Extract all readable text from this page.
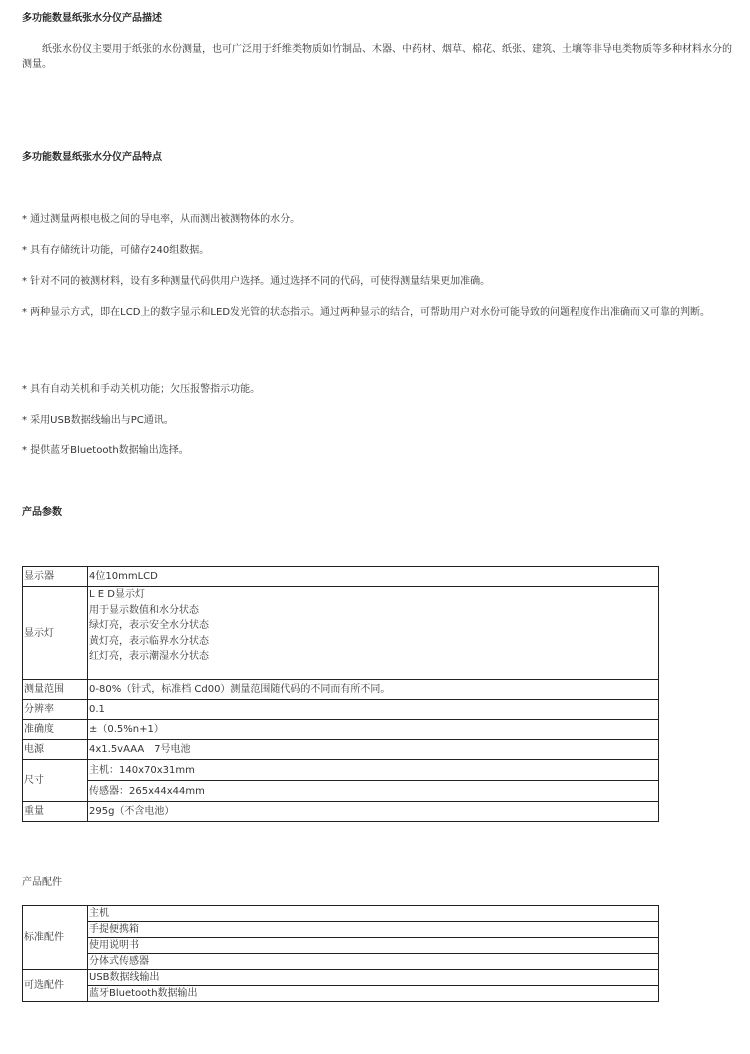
多功能数显纸张水分仪产品描述
纸张水份仪主要用于纸张的水份测量，也可广泛用于纤维类物质如竹制品、木器、中药材、烟草、棉花、纸张、建筑、土壤等非导电类物质等多种材料水分的测量。
多功能数显纸张水分仪产品特点
* 通过测量两根电极之间的导电率，从而测出被测物体的水分。
* 具有存储统计功能，可储存240组数据。
* 针对不同的被测材料，设有多种测量代码供用户选择。通过选择不同的代码，可使得测量结果更加准确。
* 两种显示方式，即在LCD上的数字显示和LED发光管的状态指示。通过两种显示的结合，可帮助用户对水份可能导致的问题程度作出准确而又可靠的判断。
* 具有自动关机和手动关机功能；欠压报警指示功能。
* 采用USB数据线输出与PC通讯。
* 提供蓝牙Bluetooth数据输出选择。
产品参数
显示器	4位10mmLCD
显示灯	L E D显示灯
用于显示数值和水分状态
绿灯亮，表示安全水分状态
黄灯亮，表示临界水分状态
红灯亮，表示潮湿水分状态

测量范围	0-80%（针式，标准档 Cd00）测量范围随代码的不同而有所不同。
分辨率	0.1
准确度	±（0.5%n+1）
电源	4x1.5vAAA　7号电池
尺寸	主机：140x70x31mm
	传感器：265x44x44mm
重量	295g（不含电池）
产品配件
标准配件	主机
	手提便携箱
	使用说明书
	分体式传感器
可选配件	USB数据线输出
	蓝牙Bluetooth数据输出
